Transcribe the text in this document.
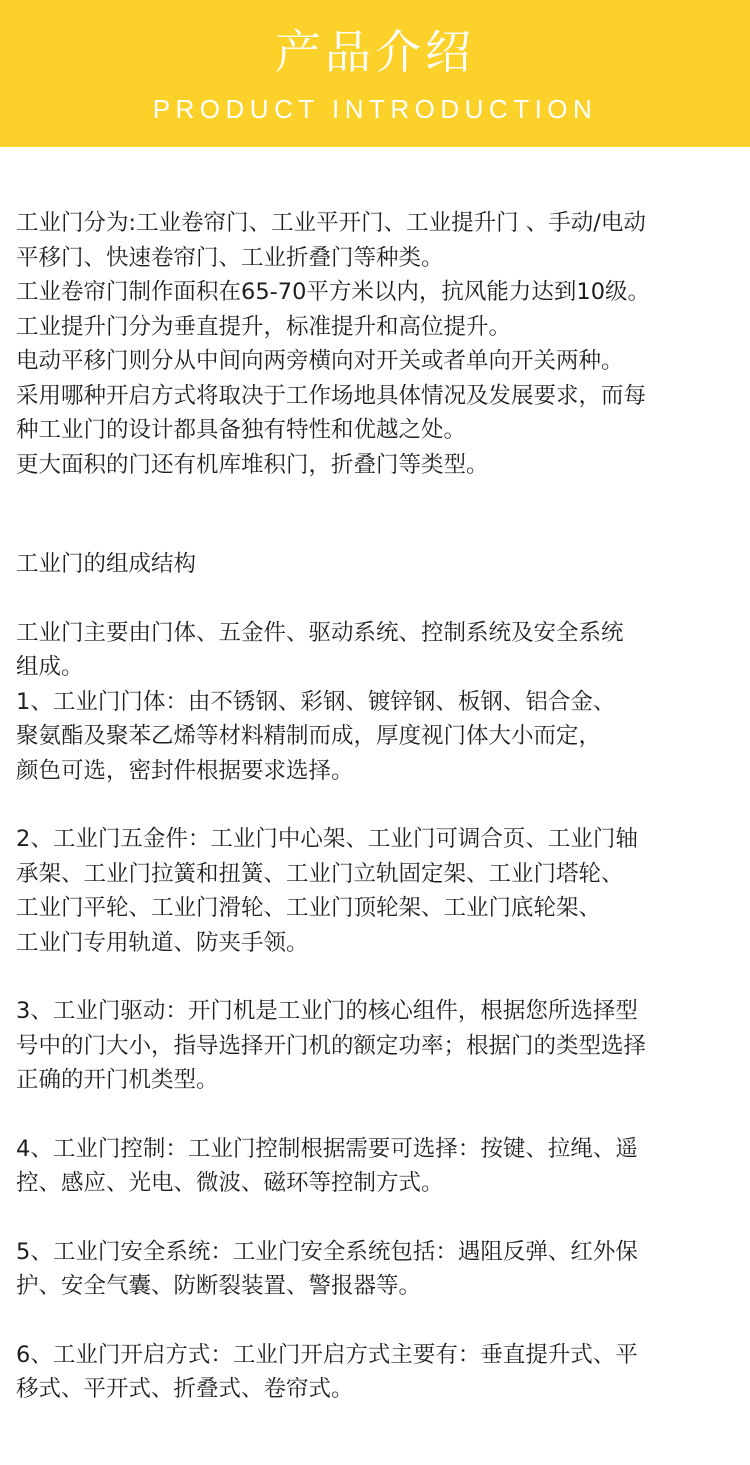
产品介绍
PRODUCT INTRODUCTION
工业门分为:工业卷帘门、工业平开门、工业提升门 、手动/电动
平移门、快速卷帘门、工业折叠门等种类。
工业卷帘门制作面积在65-70平方米以内，抗风能力达到10级。
工业提升门分为垂直提升，标准提升和高位提升。
电动平移门则分从中间向两旁横向对开关或者单向开关两种。
采用哪种开启方式将取决于工作场地具体情况及发展要求，而每
种工业门的设计都具备独有特性和优越之处。
更大面积的门还有机库堆积门，折叠门等类型。
工业门的组成结构
工业门主要由门体、五金件、驱动系统、控制系统及安全系统
组成。
1、工业门门体：由不锈钢、彩钢、镀锌钢、板钢、铝合金、
聚氨酯及聚苯乙烯等材料精制而成，厚度视门体大小而定，
颜色可选，密封件根据要求选择。
2、工业门五金件：工业门中心架、工业门可调合页、工业门轴
承架、工业门拉簧和扭簧、工业门立轨固定架、工业门塔轮、
工业门平轮、工业门滑轮、工业门顶轮架、工业门底轮架、
工业门专用轨道、防夹手领。
3、工业门驱动：开门机是工业门的核心组件，根据您所选择型
号中的门大小，指导选择开门机的额定功率；根据门的类型选择
正确的开门机类型。
4、工业门控制：工业门控制根据需要可选择：按键、拉绳、遥
控、感应、光电、微波、磁环等控制方式。
5、工业门安全系统：工业门安全系统包括：遇阻反弹、红外保
护、安全气囊、防断裂装置、警报器等。
6、工业门开启方式：工业门开启方式主要有：垂直提升式、平
移式、平开式、折叠式、卷帘式。
